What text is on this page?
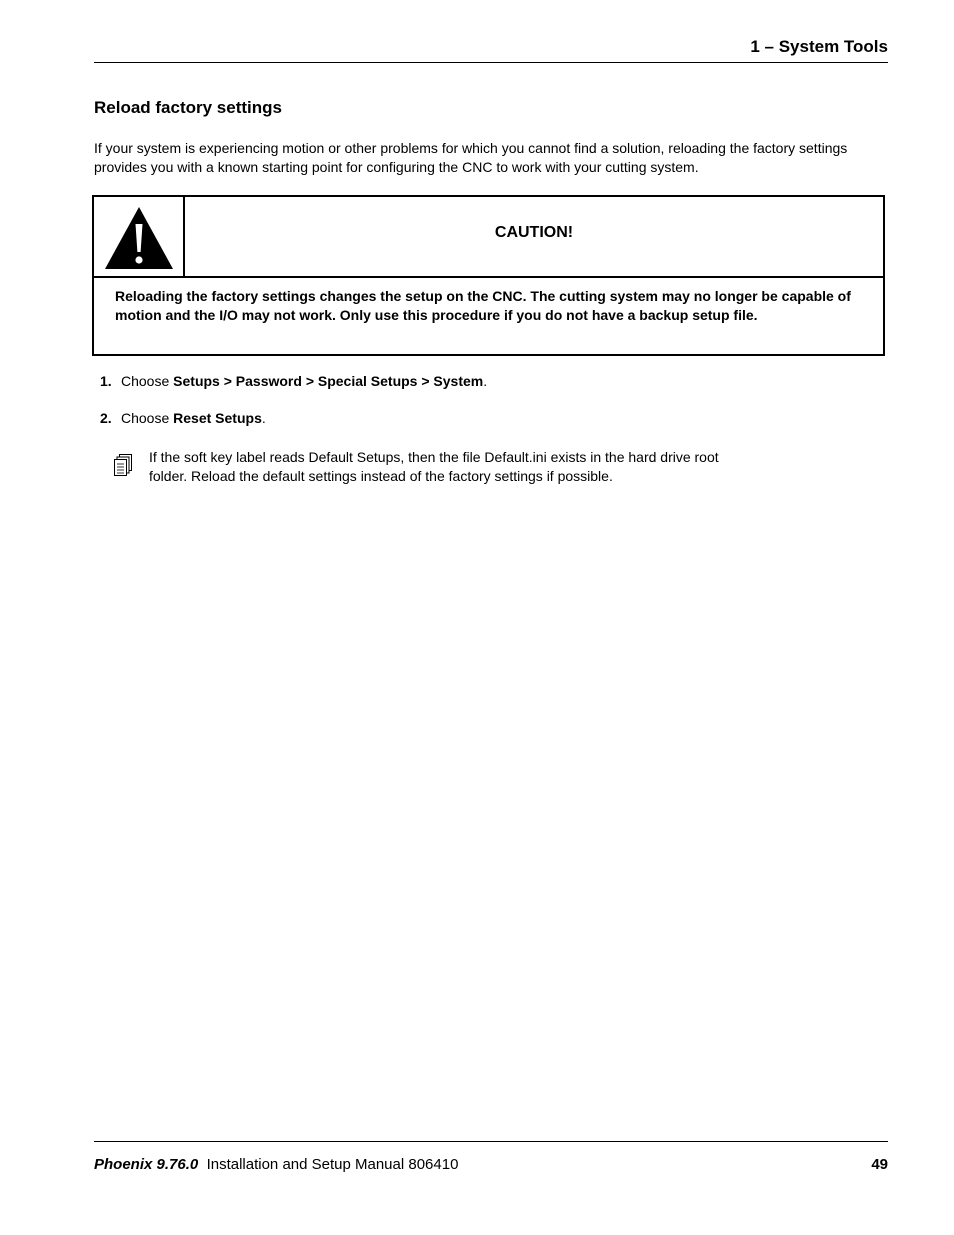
1 – System Tools
Reload factory settings
If your system is experiencing motion or other problems for which you cannot find a solution, reloading the factory settings provides you with a known starting point for configuring the CNC to work with your cutting system.
CAUTION!
Reloading the factory settings changes the setup on the CNC. The cutting system may no longer be capable of motion and the I/O may not work. Only use this procedure if you do not have a backup setup file.
1. Choose Setups > Password > Special Setups > System.
2. Choose Reset Setups.
If the soft key label reads Default Setups, then the file Default.ini exists in the hard drive root folder. Reload the default settings instead of the factory settings if possible.
Phoenix 9.76.0 Installation and Setup Manual 806410	49
